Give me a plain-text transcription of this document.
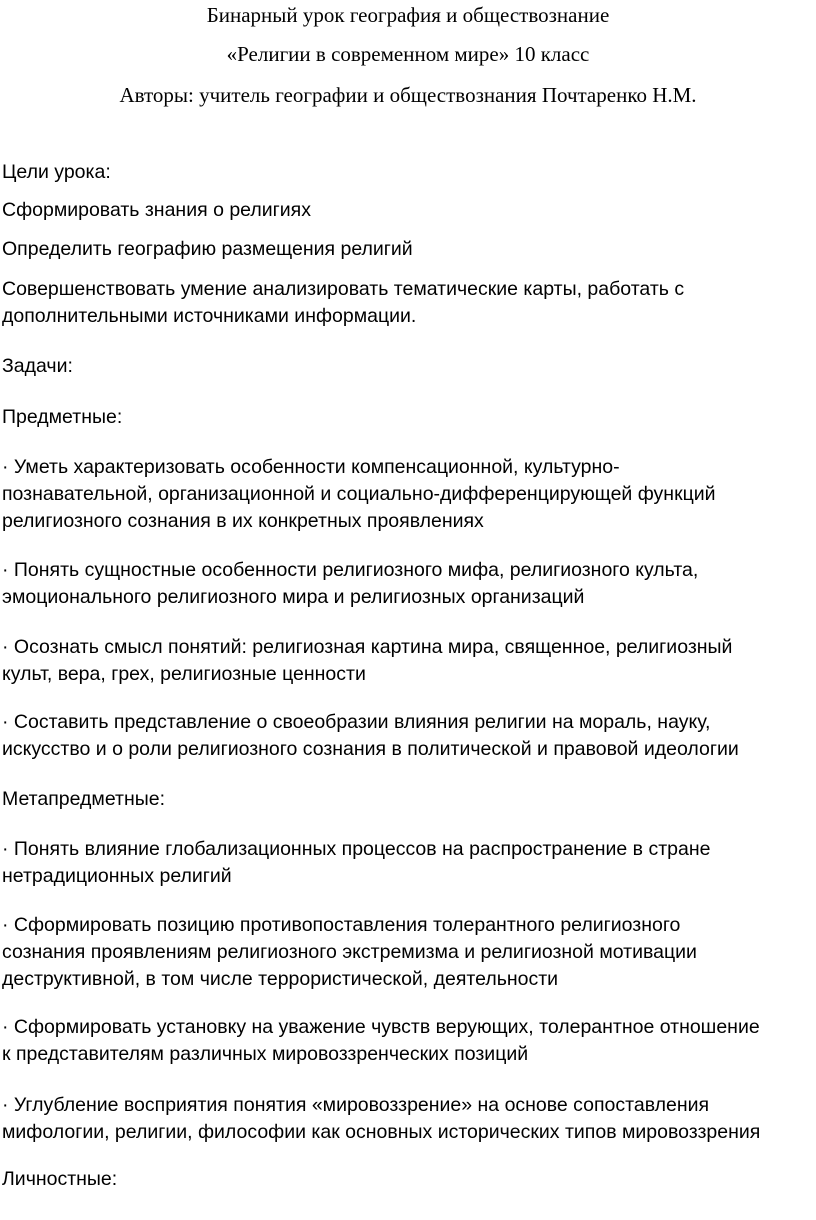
Бинарный урок география и обществознание
«Религии в современном мире» 10 класс
Авторы: учитель географии и обществознания Почтаренко Н.М.
Цели урока:
Сформировать знания о религиях
Определить географию размещения религий
Совершенствовать умение анализировать тематические карты, работать с
дополнительными источниками информации.
Задачи:
Предметные:
· Уметь характеризовать особенности компенсационной, культурно-
познавательной, организационной и социально-дифференцирующей функций
религиозного сознания в их конкретных проявлениях
· Понять сущностные особенности религиозного мифа, религиозного культа,
эмоционального религиозного мира и религиозных организаций
· Осознать смысл понятий: религиозная картина мира, священное, религиозный
культ, вера, грех, религиозные ценности
· Составить представление о своеобразии влияния религии на мораль, науку,
искусство и о роли религиозного сознания в политической и правовой идеологии
Метапредметные:
· Понять влияние глобализационных процессов на распространение в стране
нетрадиционных религий
· Сформировать позицию противопоставления толерантного религиозного
сознания проявлениям религиозного экстремизма и религиозной мотивации
деструктивной, в том числе террористической, деятельности
· Сформировать установку на уважение чувств верующих, толерантное отношение
к представителям различных мировоззренческих позиций
· Углубление восприятия понятия «мировоззрение» на основе сопоставления
мифологии, религии, философии как основных исторических типов мировоззрения
Личностные:
